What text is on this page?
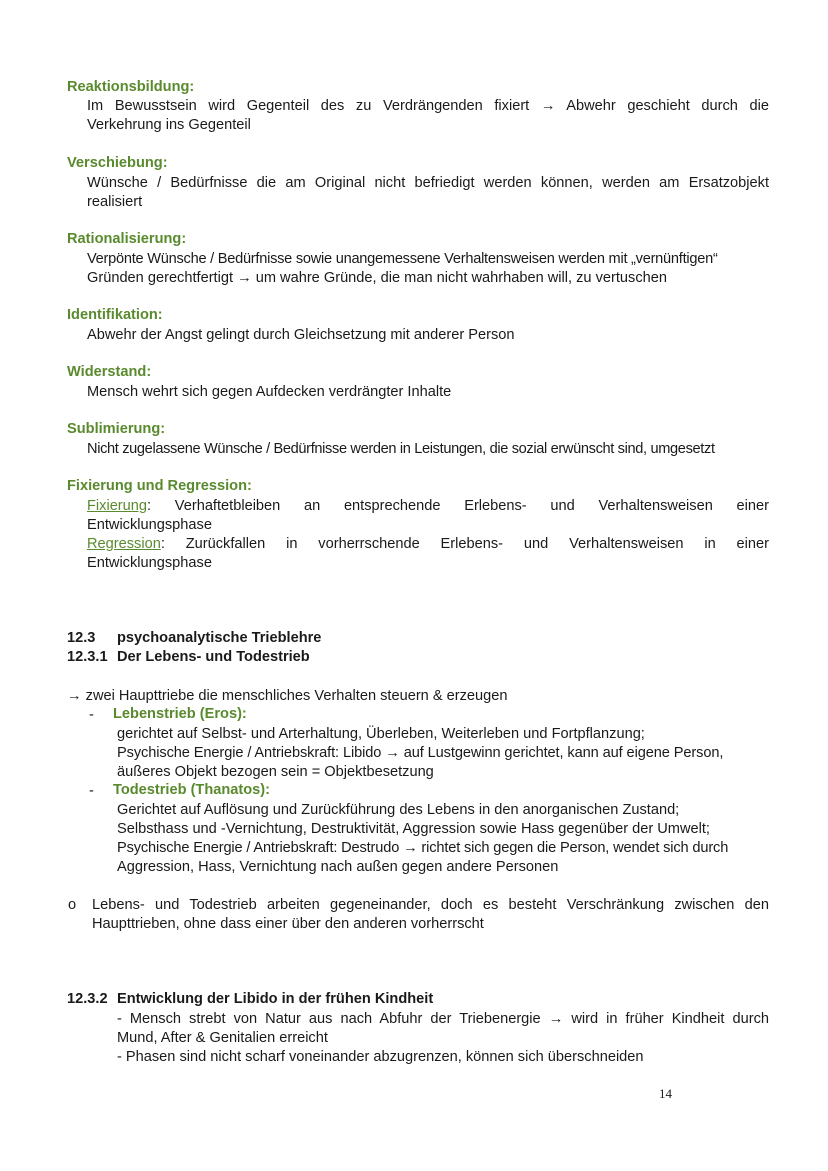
Reaktionsbildung:
Im Bewusstsein wird Gegenteil des zu Verdrängenden fixiert → Abwehr geschieht durch die
Verkehrung ins Gegenteil
Verschiebung:
Wünsche / Bedürfnisse die am Original nicht befriedigt werden können, werden am Ersatzobjekt
realisiert
Rationalisierung:
Verpönte Wünsche / Bedürfnisse sowie unangemessene Verhaltensweisen werden mit „vernünftigen“
Gründen gerechtfertigt → um wahre Gründe, die man nicht wahrhaben will, zu vertuschen
Identifikation:
Abwehr der Angst gelingt durch Gleichsetzung mit anderer Person
Widerstand:
Mensch wehrt sich gegen Aufdecken verdrängter Inhalte
Sublimierung:
Nicht zugelassene Wünsche / Bedürfnisse werden in Leistungen, die sozial erwünscht sind, umgesetzt
Fixierung und Regression:
Fixierung: Verhaftetbleiben an entsprechende Erlebens- und Verhaltensweisen einer
Entwicklungsphase
Regression: Zurückfallen in vorherrschende Erlebens- und Verhaltensweisen in einer
Entwicklungsphase
12.3 psychoanalytische Trieblehre
12.3.1 Der Lebens- und Todestrieb
→ zwei Haupttriebe die menschliches Verhalten steuern & erzeugen
- Lebenstrieb (Eros):
gerichtet auf Selbst- und Arterhaltung, Überleben, Weiterleben und Fortpflanzung;
Psychische Energie / Antriebskraft: Libido → auf Lustgewinn gerichtet, kann auf eigene Person,
äußeres Objekt bezogen sein = Objektbesetzung
- Todestrieb (Thanatos):
Gerichtet auf Auflösung und Zurückführung des Lebens in den anorganischen Zustand;
Selbsthass und -Vernichtung, Destruktivität, Aggression sowie Hass gegenüber der Umwelt;
Psychische Energie / Antriebskraft: Destrudo → richtet sich gegen die Person, wendet sich durch
Aggression, Hass, Vernichtung nach außen gegen andere Personen
o Lebens- und Todestrieb arbeiten gegeneinander, doch es besteht Verschränkung zwischen den
Haupttrieben, ohne dass einer über den anderen vorherrscht
12.3.2 Entwicklung der Libido in der frühen Kindheit
- Mensch strebt von Natur aus nach Abfuhr der Triebenergie → wird in früher Kindheit durch
Mund, After & Genitalien erreicht
- Phasen sind nicht scharf voneinander abzugrenzen, können sich überschneiden
14
